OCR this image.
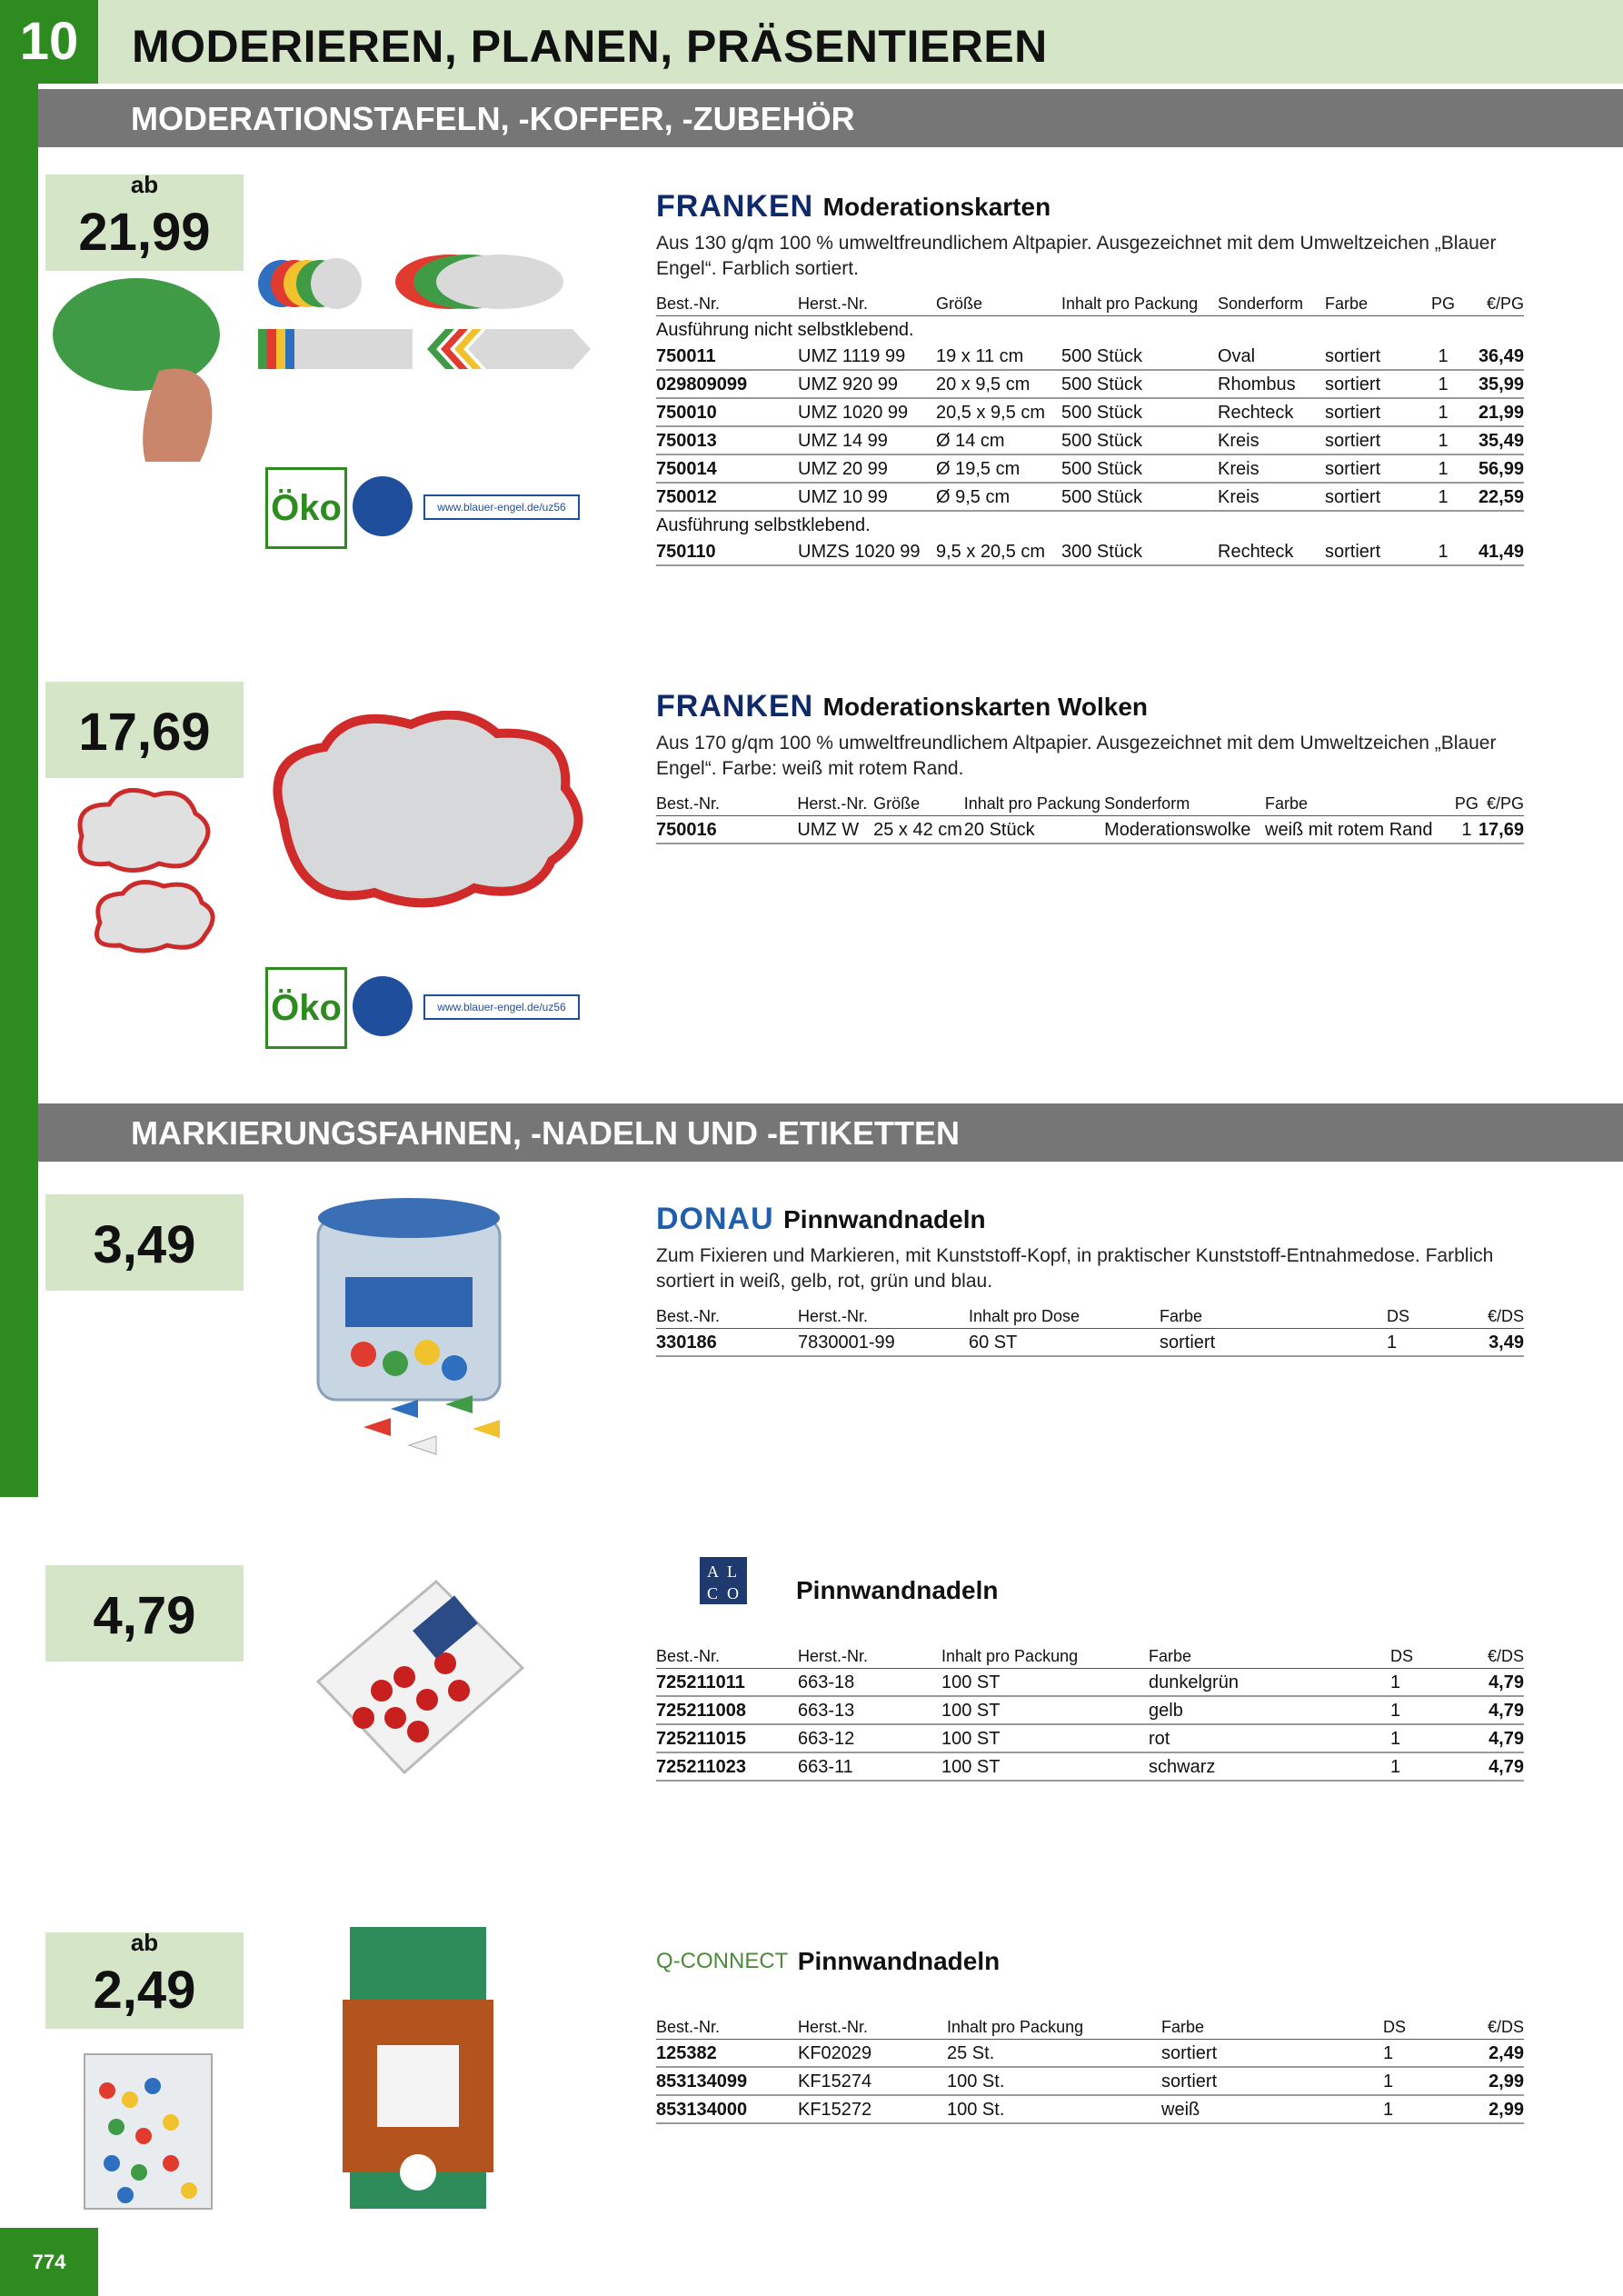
10	MODERIEREN, PLANEN, PRÄSENTIEREN
MODERATIONSTAFELN, -KOFFER, -ZUBEHÖR
ab
21,99
Öko	www.blauer-engel.de/uz56
FRANKEN Moderationskarten
Aus 130 g/qm 100 % umweltfreundlichem Altpapier. Ausgezeichnet mit dem Umweltzeichen „Blauer Engel“. Farblich sortiert.
Best.-Nr.	Herst.-Nr.	Größe	Inhalt pro Packung	Sonderform	Farbe	PG	€/PG
Ausführung nicht selbstklebend.							
750011	UMZ 1119 99	19 x 11 cm	500 Stück	Oval	sortiert	1	36,49
029809099	UMZ 920 99	20 x 9,5 cm	500 Stück	Rhombus	sortiert	1	35,99
750010	UMZ 1020 99	20,5 x 9,5 cm	500 Stück	Rechteck	sortiert	1	21,99
750013	UMZ 14 99	Ø 14 cm	500 Stück	Kreis	sortiert	1	35,49
750014	UMZ 20 99	Ø 19,5 cm	500 Stück	Kreis	sortiert	1	56,99
750012	UMZ 10 99	Ø 9,5 cm	500 Stück	Kreis	sortiert	1	22,59
Ausführung selbstklebend.							
750110	UMZS 1020 99	9,5 x 20,5 cm	300 Stück	Rechteck	sortiert	1	41,49
17,69
Öko	www.blauer-engel.de/uz56
FRANKEN Moderationskarten Wolken
Aus 170 g/qm 100 % umweltfreundlichem Altpapier. Ausgezeichnet mit dem Umweltzeichen „Blauer Engel“. Farbe: weiß mit rotem Rand.
Best.-Nr.	Herst.-Nr.	Größe	Inhalt pro Packung	Sonderform	Farbe	PG	€/PG
750016	UMZ W	25 x 42 cm	20 Stück	Moderationswolke	weiß mit rotem Rand	1	17,69
MARKIERUNGSFAHNEN, -NADELN UND -ETIKETTEN
3,49	DONAU Pinnwandnadeln
Zum Fixieren und Markieren, mit Kunststoff-Kopf, in praktischer Kunststoff-Entnahmedose. Farblich sortiert in weiß, gelb, rot, grün und blau.
Best.-Nr.	Herst.-Nr.	Inhalt pro Dose	Farbe	DS	€/DS
330186	7830001-99	60 ST	sortiert	1	3,49
4,79
A L
C O	Pinnwandnadeln
Best.-Nr.	Herst.-Nr.	Inhalt pro Packung	Farbe	DS	€/DS
725211011	663-18	100 ST	dunkelgrün	1	4,79
725211008	663-13	100 ST	gelb	1	4,79
725211015	663-12	100 ST	rot	1	4,79
725211023	663-11	100 ST	schwarz	1	4,79
ab
2,49	Q-CONNECT Pinnwandnadeln
Best.-Nr.	Herst.-Nr.	Inhalt pro Packung	Farbe	DS	€/DS
125382	KF02029	25 St.	sortiert	1	2,49
853134099	KF15274	100 St.	sortiert	1	2,99
853134000	KF15272	100 St.	weiß	1	2,99
774
